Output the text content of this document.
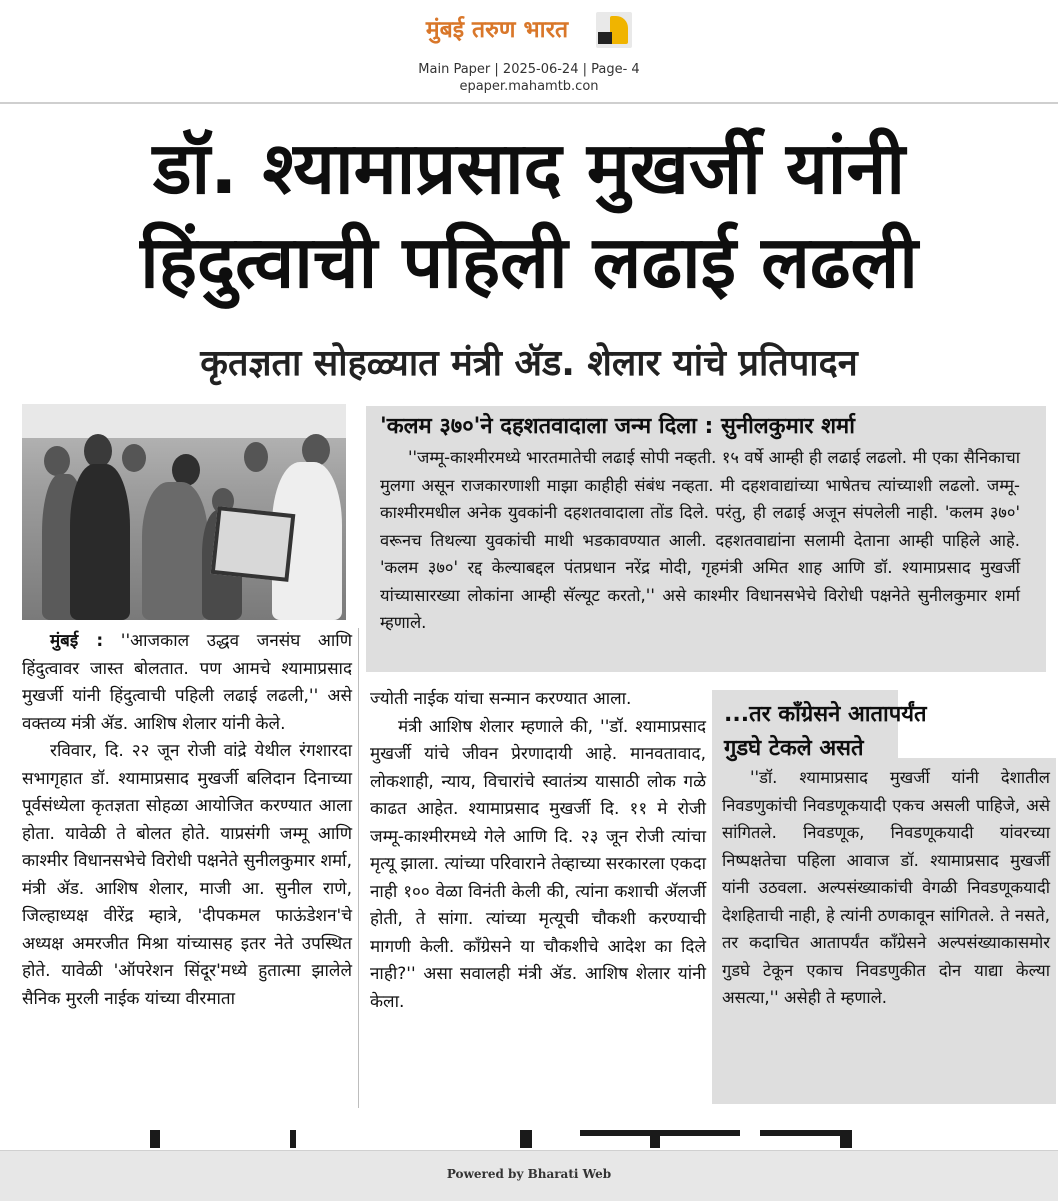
मुंबई तरुण भारत
Main Paper | 2025-06-24 | Page- 4
epaper.mahamtb.con
डॉ. श्यामाप्रसाद मुखर्जी यांनी
हिंदुत्वाची पहिली लढाई लढली
कृतज्ञता सोहळ्यात मंत्री ॲड. शेलार यांचे प्रतिपादन

मुंबई : ''आजकाल उद्धव जनसंघ आणि हिंदुत्वावर जास्त बोलतात. पण आमचे श्यामाप्रसाद मुखर्जी यांनी हिंदुत्वाची पहिली लढाई लढली,'' असे वक्तव्य मंत्री ॲड. आशिष शेलार यांनी केले.

रविवार, दि. २२ जून रोजी वांद्रे येथील रंगशारदा सभागृहात डॉ. श्यामाप्रसाद मुखर्जी बलिदान दिनाच्या पूर्वसंध्येला कृतज्ञता सोहळा आयोजित करण्यात आला होता. यावेळी ते बोलत होते. याप्रसंगी जम्मू आणि काश्मीर विधानसभेचे विरोधी पक्षनेते सुनीलकुमार शर्मा, मंत्री ॲड. आशिष शेलार, माजी आ. सुनील राणे, जिल्हाध्यक्ष वीरेंद्र म्हात्रे, 'दीपकमल फाऊंडेशन'चे अध्यक्ष अमरजीत मिश्रा यांच्यासह इतर नेते उपस्थित होते. यावेळी 'ऑपरेशन सिंदूर'मध्ये हुतात्मा झालेले सैनिक मुरली नाईक यांच्या वीरमाता

'कलम ३७०'ने दहशतवादाला जन्म दिला : सुनीलकुमार शर्मा

''जम्मू-काश्मीरमध्ये भारतमातेची लढाई सोपी नव्हती. १५ वर्षे आम्ही ही लढाई लढलो. मी एका सैनिकाचा मुलगा असून राजकारणाशी माझा काहीही संबंध नव्हता. मी दहशवाद्यांच्या भाषेतच त्यांच्याशी लढलो. जम्मू-काश्मीरमधील अनेक युवकांनी दहशतवादाला तोंड दिले. परंतु, ही लढाई अजून संपलेली नाही. 'कलम ३७०' वरूनच तिथल्या युवकांची माथी भडकावण्यात आली. दहशतवाद्यांना सलामी देताना आम्ही पाहिले आहे. 'कलम ३७०' रद्द केल्याबद्दल पंतप्रधान नरेंद्र मोदी, गृहमंत्री अमित शाह आणि डॉ. श्यामाप्रसाद मुखर्जी यांच्यासारख्या लोकांना आम्ही सॅल्यूट करतो,'' असे काश्मीर विधानसभेचे विरोधी पक्षनेते सुनीलकुमार शर्मा म्हणाले.

ज्योती नाईक यांचा सन्मान करण्यात आला.

मंत्री आशिष शेलार म्हणाले की, ''डॉ. श्यामाप्रसाद मुखर्जी यांचे जीवन प्रेरणादायी आहे. मानवतावाद, लोकशाही, न्याय, विचारांचे स्वातंत्र्य यासाठी लोक गळे काढत आहेत. श्यामाप्रसाद मुखर्जी दि. ११ मे रोजी जम्मू-काश्मीरमध्ये गेले आणि दि. २३ जून रोजी त्यांचा मृत्यू झाला. त्यांच्या परिवाराने तेव्हाच्या सरकारला एकदा नाही १०० वेळा विनंती केली की, त्यांना कशाची ॲलर्जी होती, ते सांगा. त्यांच्या मृत्यूची चौकशी करण्याची मागणी केली. काँग्रेसने या चौकशीचे आदेश का दिले नाही?'' असा सवालही मंत्री ॲड. आशिष शेलार यांनी केला.

...तर काँग्रेसने आतापर्यंत
गुडघे टेकले असते

''डॉ. श्यामाप्रसाद मुखर्जी यांनी देशातील निवडणुकांची निवडणूकयादी एकच असली पाहिजे, असे सांगितले. निवडणूक, निवडणूकयादी यांवरच्या निष्पक्षतेचा पहिला आवाज डॉ. श्यामाप्रसाद मुखर्जी यांनी उठवला. अल्पसंख्याकांची वेगळी निवडणूकयादी देशहिताची नाही, हे त्यांनी ठणकावून सांगितले. ते नसते, तर कदाचित आतापर्यंत काँग्रेसने अल्पसंख्याकासमोर गुडघे टेकून एकाच निवडणुकीत दोन याद्या केल्या असत्या,'' असेही ते म्हणाले.

Powered by Bharati Web
